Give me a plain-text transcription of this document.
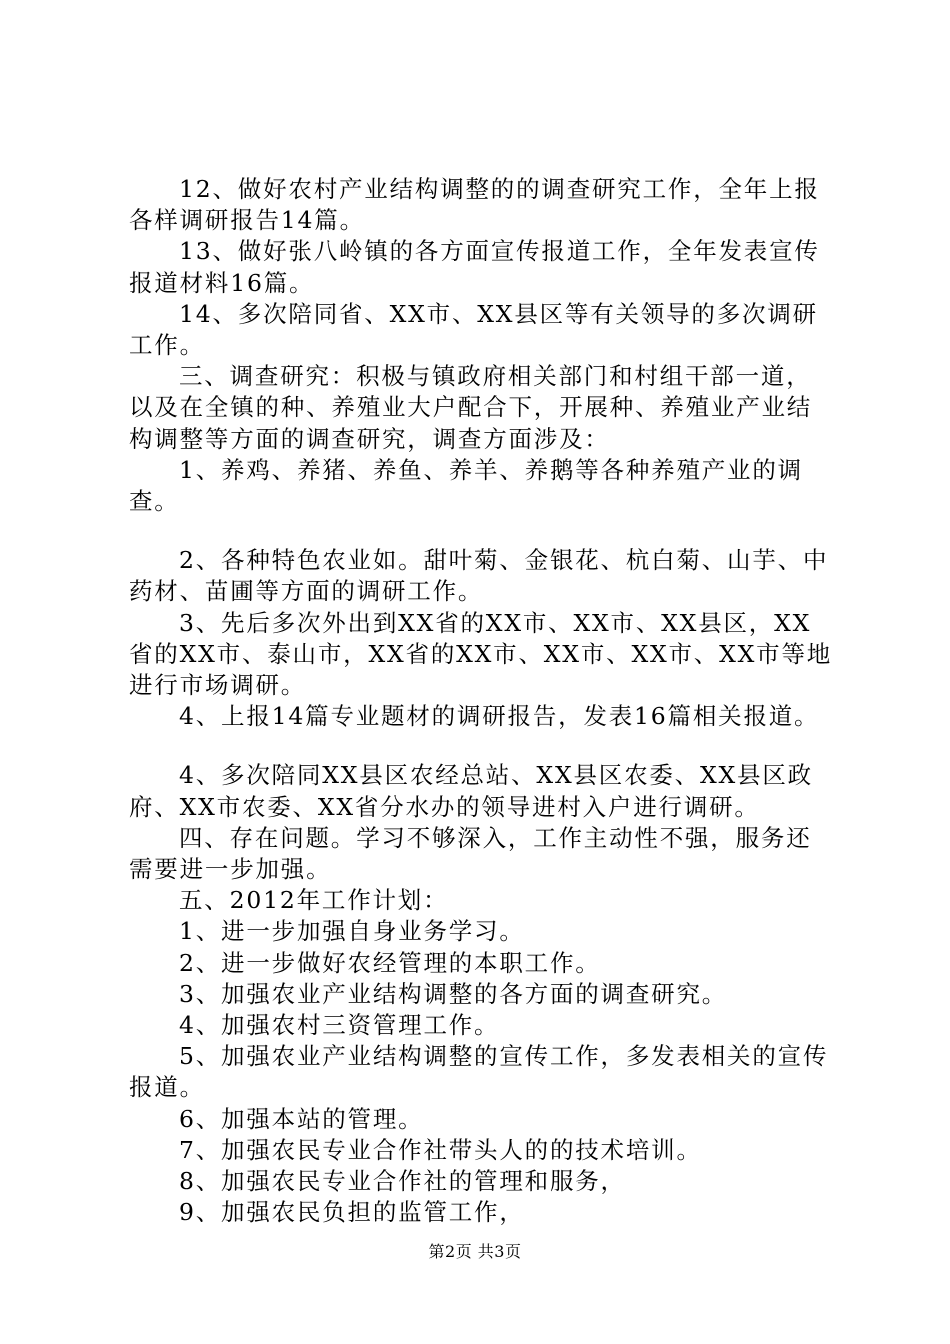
12、做好农村产业结构调整的的调查研究工作，全年上报各样调研报告14篇。

13、做好张八岭镇的各方面宣传报道工作，全年发表宣传报道材料16篇。

14、多次陪同省、XX市、XX县区等有关领导的多次调研工作。

三、调查研究：积极与镇政府相关部门和村组干部一道，以及在全镇的种、养殖业大户配合下，开展种、养殖业产业结构调整等方面的调查研究，调查方面涉及：

1、养鸡、养猪、养鱼、养羊、养鹅等各种养殖产业的调查。

2、各种特色农业如。甜叶菊、金银花、杭白菊、山芋、中药材、苗圃等方面的调研工作。

3、先后多次外出到XX省的XX市、XX市、XX县区，XX省的XX市、泰山市，XX省的XX市、XX市、XX市、XX市等地进行市场调研。

4、上报14篇专业题材的调研报告，发表16篇相关报道。

4、多次陪同XX县区农经总站、XX县区农委、XX县区政府、XX市农委、XX省分水办的领导进村入户进行调研。

四、存在问题。学习不够深入，工作主动性不强，服务还需要进一步加强。

五、2012年工作计划：

1、进一步加强自身业务学习。

2、进一步做好农经管理的本职工作。

3、加强农业产业结构调整的各方面的调查研究。

4、加强农村三资管理工作。

5、加强农业产业结构调整的宣传工作，多发表相关的宣传报道。

6、加强本站的管理。

7、加强农民专业合作社带头人的的技术培训。

8、加强农民专业合作社的管理和服务，

9、加强农民负担的监管工作，

第2页 共3页
